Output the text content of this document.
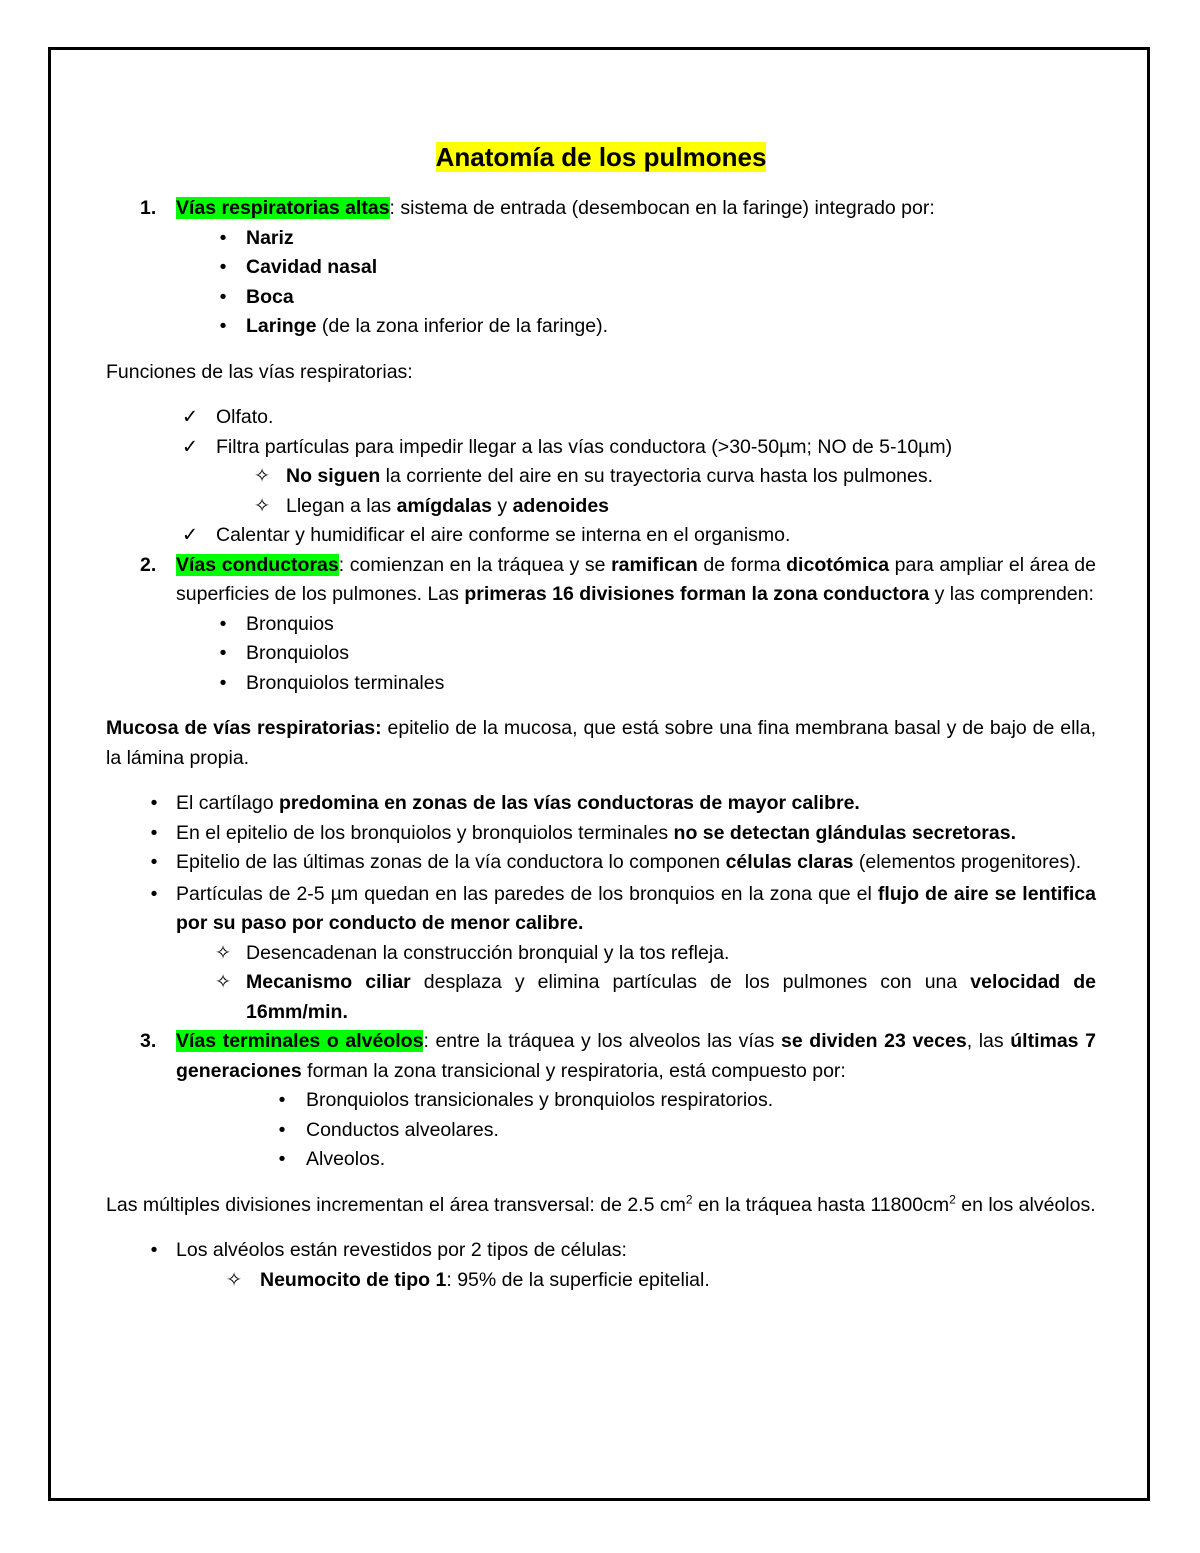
Anatomía de los pulmones
1. Vías respiratorias altas: sistema de entrada (desembocan en la faringe) integrado por:
•	Nariz
•	Cavidad nasal
•	Boca
•	Laringe (de la zona inferior de la faringe).
Funciones de las vías respiratorias:
✓ Olfato.
✓ Filtra partículas para impedir llegar a las vías conductora (>30-50µm; NO de 5-10µm)
✧ No siguen la corriente del aire en su trayectoria curva hasta los pulmones.
✧ Llegan a las amígdalas y adenoides
✓ Calentar y humidificar el aire conforme se interna en el organismo.
2. Vías conductoras: comienzan en la tráquea y se ramifican de forma dicotómica para ampliar el área de superficies de los pulmones. Las primeras 16 divisiones forman la zona conductora y las comprenden:
•	Bronquios
•	Bronquiolos
•	Bronquiolos terminales
Mucosa de vías respiratorias: epitelio de la mucosa, que está sobre una fina membrana basal y de bajo de ella, la lámina propia.
• El cartílago predomina en zonas de las vías conductoras de mayor calibre.
• En el epitelio de los bronquiolos y bronquiolos terminales no se detectan glándulas secretoras.
• Epitelio de las últimas zonas de la vía conductora lo componen células claras (elementos progenitores).
• Partículas de 2-5 µm quedan en las paredes de los bronquios en la zona que el flujo de aire se lentifica por su paso por conducto de menor calibre.
✧ Desencadenan la construcción bronquial y la tos refleja.
✧ Mecanismo ciliar desplaza y elimina partículas de los pulmones con una velocidad de 16mm/min.
3. Vías terminales o alvéolos: entre la tráquea y los alveolos las vías se dividen 23 veces, las últimas 7 generaciones forman la zona transicional y respiratoria, está compuesto por:
•	Bronquiolos transicionales y bronquiolos respiratorios.
•	Conductos alveolares.
•	Alveolos.
Las múltiples divisiones incrementan el área transversal: de 2.5 $cm^2$ en la tráquea hasta $11800cm^2$ en los alvéolos.
• Los alvéolos están revestidos por 2 tipos de células:
✧ Neumocito de tipo 1: 95% de la superficie epitelial.
